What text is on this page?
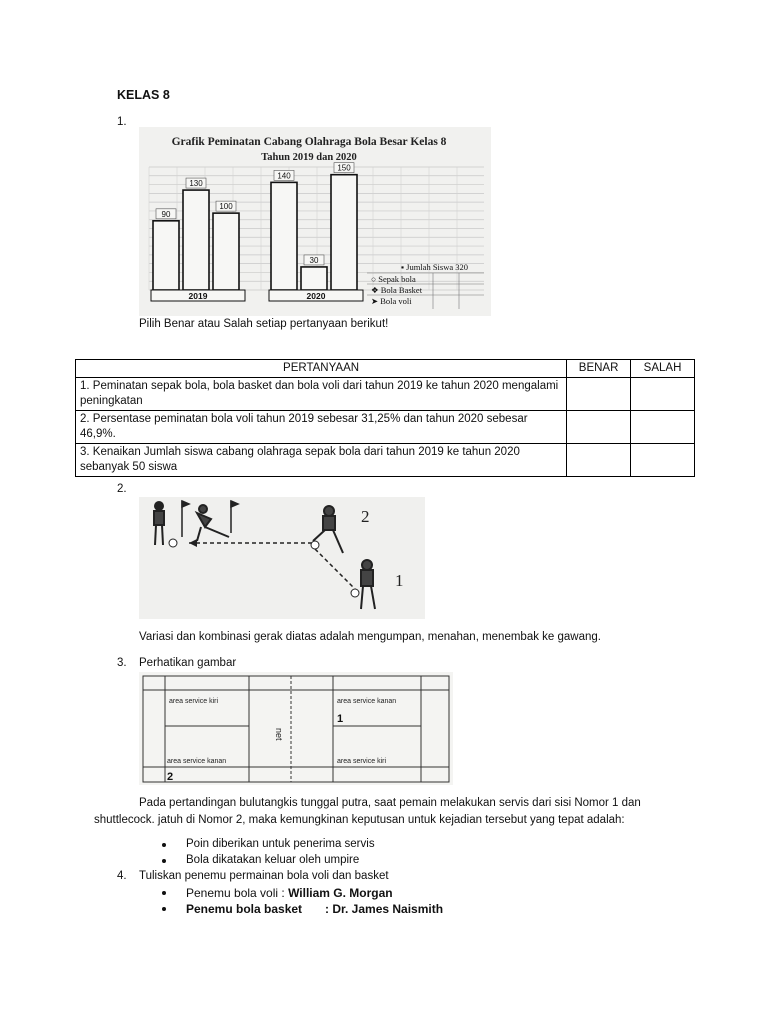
KELAS 8
1.
Grafik Peminatan Cabang Olahraga Bola Besar Kelas 8
Tahun 2019 dan 2020
90
130
100
140
30
150
2019	2020
▪ Jumlah Siswa 320
○ Sepak bola
❖ Bola Basket
➤ Bola voli
Pilih Benar atau Salah setiap pertanyaan berikut!
PERTANYAAN	BENAR	SALAH
1. Peminatan sepak bola, bola basket dan bola voli dari tahun 2019 ke tahun 2020 mengalami peningkatan		
2. Persentase peminatan bola voli tahun 2019 sebesar 31,25% dan tahun 2020 sebesar 46,9%.		
3. Kenaikan Jumlah siswa cabang olahraga sepak bola dari tahun 2019 ke tahun 2020 sebanyak 50 siswa		
2.
2
1
Variasi dan kombinasi gerak diatas adalah mengumpan, menahan, menembak ke gawang.
3. Perhatikan gambar
area service kiri	area service kanan
area service kanan	area service kiri
1
2
net
Pada pertandingan bulutangkis tunggal putra, saat pemain melakukan servis dari sisi Nomor 1 dan
shuttlecock. jatuh di Nomor 2, maka kemungkinan keputusan untuk kejadian tersebut yang tepat adalah:
Poin diberikan untuk penerima servis
Bola dikatakan keluar oleh umpire
4. Tuliskan penemu permainan bola voli dan basket
Penemu bola voli : William G. Morgan
Penemu bola basket : Dr. James Naismith
